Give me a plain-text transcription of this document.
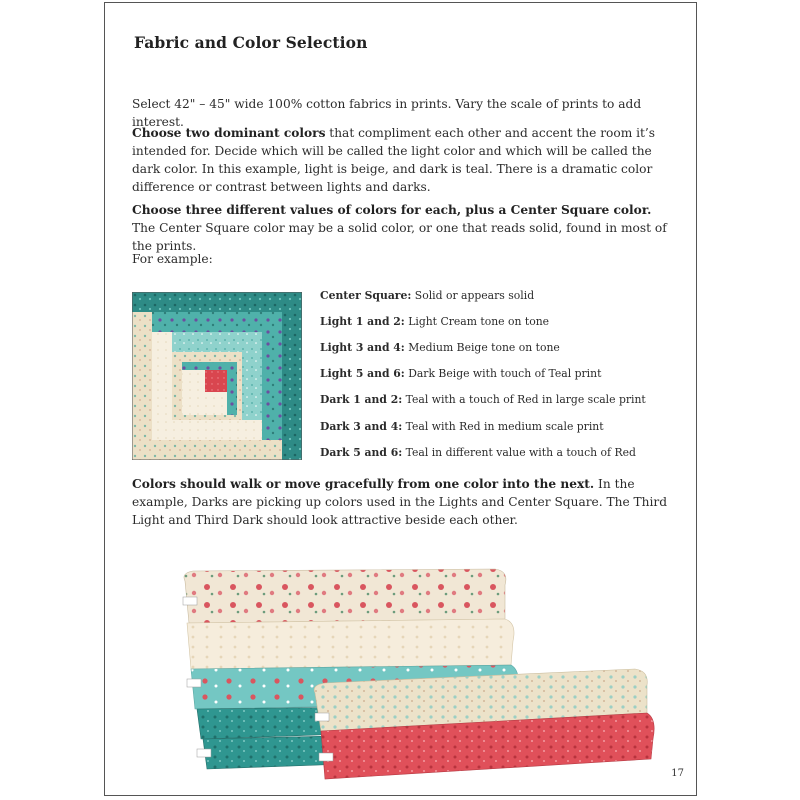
Fabric and Color Selection

Select 42" – 45" wide 100% cotton fabrics in prints. Vary the scale of prints to add interest.

Choose two dominant colors that compliment each other and accent the room it’s intended for. Decide which will be called the light color and which will be called the dark color. In this example, light is beige, and dark is teal. There is a dramatic color difference or contrast between lights and darks.

Choose three different values of colors for each, plus a Center Square color. The Center Square color may be a solid color, or one that reads solid, found in most of the prints.

For example:

Center Square: Solid or appears solid
Light 1 and 2: Light Cream tone on tone
Light 3 and 4: Medium Beige tone on tone
Light 5 and 6: Dark Beige with touch of Teal print
Dark 1 and 2: Teal with a touch of Red in large scale print
Dark 3 and 4: Teal with Red in medium scale print
Dark 5 and 6: Teal in different value with a touch of Red

Colors should walk or move gracefully from one color into the next. In the example, Darks are picking up colors used in the Lights and Center Square. The Third Light and Third Dark should look attractive beside each other.

17
